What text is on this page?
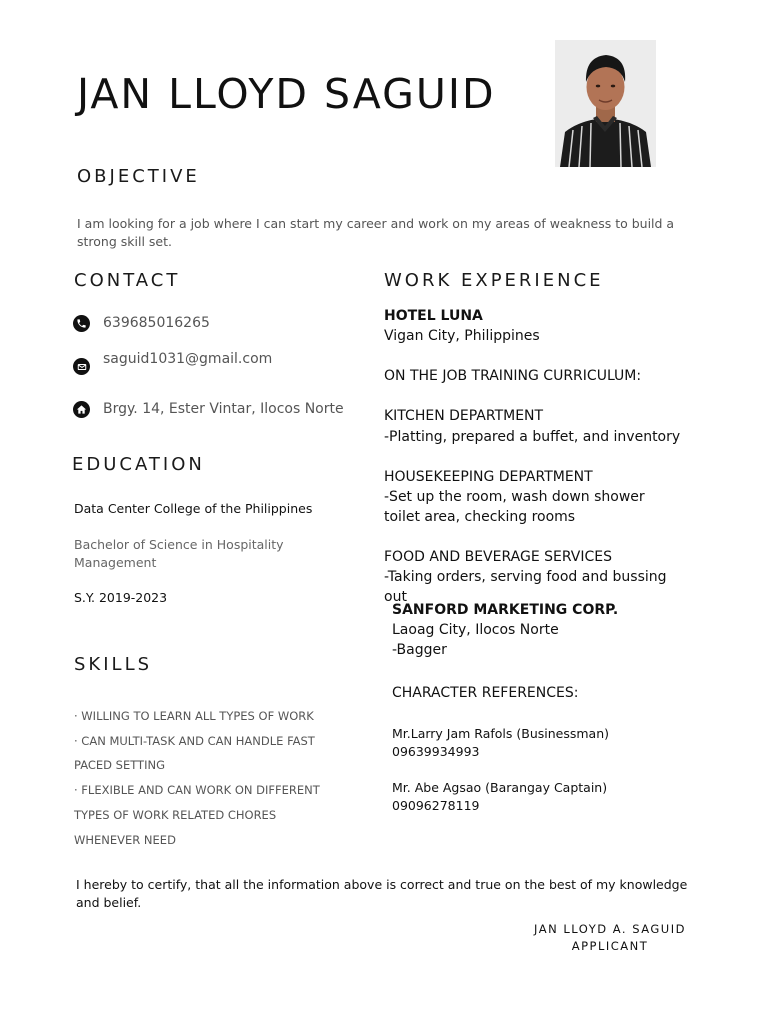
JAN LLOYD SAGUID
OBJECTIVE
I am looking for a job where I can start my career and work on my areas of weakness to build a strong skill set.
CONTACT
639685016265
saguid1031@gmail.com
Brgy. 14, Ester Vintar, Ilocos Norte
EDUCATION
Data Center College of the Philippines
Bachelor of Science in Hospitality Management
S.Y. 2019-2023
SKILLS
· WILLING TO LEARN ALL TYPES OF WORK
· CAN MULTI-TASK AND CAN HANDLE FAST
PACED SETTING
· FLEXIBLE AND CAN WORK ON DIFFERENT
TYPES OF WORK RELATED CHORES
WHENEVER NEED
WORK EXPERIENCE
HOTEL LUNA
Vigan City, Philippines
ON THE JOB TRAINING CURRICULUM:
KITCHEN DEPARTMENT
-Platting, prepared a buffet, and inventory
HOUSEKEEPING DEPARTMENT
-Set up the room, wash down shower toilet area, checking rooms
FOOD AND BEVERAGE SERVICES
-Taking orders, serving food and bussing out
SANFORD MARKETING CORP.
Laoag City, Ilocos Norte
-Bagger
CHARACTER REFERENCES:
Mr.Larry Jam Rafols (Businessman)
09639934993
Mr. Abe Agsao (Barangay Captain)
09096278119
I hereby to certify, that all the information above is correct and true on the best of my knowledge and belief.
JAN LLOYD A. SAGUID
APPLICANT
